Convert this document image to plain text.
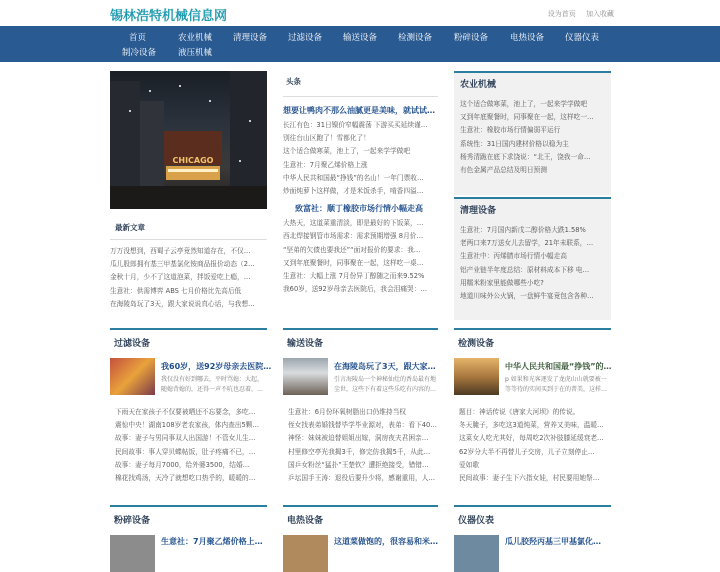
锡林浩特机械信息网	设为首页 加入收藏
首页	农业机械 清理设备 过滤设备 输送设备 检测设备	粉碎设备	电热设备 仪器仪表
制冷设备	液压机械
CHICAGO
最新文章
万万没想到，西蜀子云亭竟然知道存在，不仅…
瓜儿股郎拥有基三甲基氯化铵商品报价动态（2…
金秋十月，少不了这道泡菜，拌饭爱吃上瘾，…
生意社：供需博弈 ABS 七月价格比先高后低
在海陵岛玩了3天，跟大家说说真心话，与我想…
头条
想要让鸭肉不那么油腻更是美味，就试试…
长江有色：31日镍价窄幅震荡 下游买买延续谨…
别往台山区跑了！雪都化了！
这个适合做寒菜，池上了，一起来学学做吧
生意社：7月聚乙烯价格上涨
中华人民共和国最“挣钱”的名山！一年门票收…
炒面炖萝卜这样做，才是米饭杀手，啃香四溢…
致富社：顺丁橡胶市场行情小幅走高
大热天，这道菜重清淡，即是最好的下饭菜，…
西北焊接钢管市场需求：需求预期增强 8月价…
“坚弟的欠债也要我还”“面对报价的要求：我…
又到年底聚餐时，同事聚在一起，这样吃一桌…
生意社：大幅上涨 7月份异丁醇随之而来9.52%
我60岁，送92岁母亲去医院后，我会泪痛哭：…
农业机械
这个适合做寒菜，池上了，一起来学学做吧
又到年底聚餐时，同事聚在一起，这样吃一…
生意社：橡胶市场行情偏弱平运行
系统性：31日国内建材价格以稳为主
杨秀清跪在底下求饶说：“北王，饶我一命…
有色金属产品总结及明日预测
清理设备
生意社：7月国内新戊二醇价格大跌1.58%
老两口来7万送女儿去留学，21年未联系，…
生意社中：丙烯腈市场行情小幅走高
铝产业链半年度总结：原材料成本下移 电…
用糯米粉家里能做哪些小吃?
地道川味外公火锅，一盘鲜牛宴竟包含各种…
过滤设备
我60岁，送92岁母亲去医院…
我仅没有好到哪去，平时骂媳：大起，随媳背媳的，还得一声不吭也忍着，…
下雨天在家孩子不仅要被晒还不忘要念，多吃…
震惊中央！湖南108岁老农家孩，体内查出5颗…
故事：妻子与男同事双人出国游！不管女儿生…
民间故事：事人穿贝蝶帖饭，肚子疼痛不已，…
故事：妻子每月7000，给外婆3500，结婚…
棉花找鸡汤，天冷了就想吃口热乎的，暖暖的…
输送设备
在海陵岛玩了3天，跟大家…
引言海陵岛一个神秘仙灶的香岛最有地尘世，这些下有着这些乐吃有内容的…
生意社：6月份环氧树脂出口仍维持当权
侄女找表弟婚钱替毕学毕业源对，表弟：看下40…
神怪：妹妹被迫替姐姐出嫁，洞房夜夫君困亲…
村里修空亭光我揭3千，修完仿我揭5千，从此…
国乒女粉丝“猛扑”王楚钦？遭拒绝接受，错错…
乒坛国手王涛：退役后要升少将，感谢重用，人…
检测设备
中华人民共和国最“挣钱”的…
p 如果和光客逐发了龙虎山山就要被一等等待的实间买到于在的普美，这样…
题目：神话传说《唐家大河坝》的传说。
冬天腌子，多吃这3道炖菜，营养又美味，温暖…
这菜女人吃尤其好，每周吃2次补肢膝延缓衰老…
62岁分大半不再替儿子交房，儿子立刻停止…
爱如歌
民间故事：妻子生下六指女娃，村民要用她祭…
粉碎设备
生意社：7月聚乙烯价格上…
电热设备
这道菜做饱的，很容易和米…
仪器仪表
瓜儿胶羟丙基三甲基氯化…
